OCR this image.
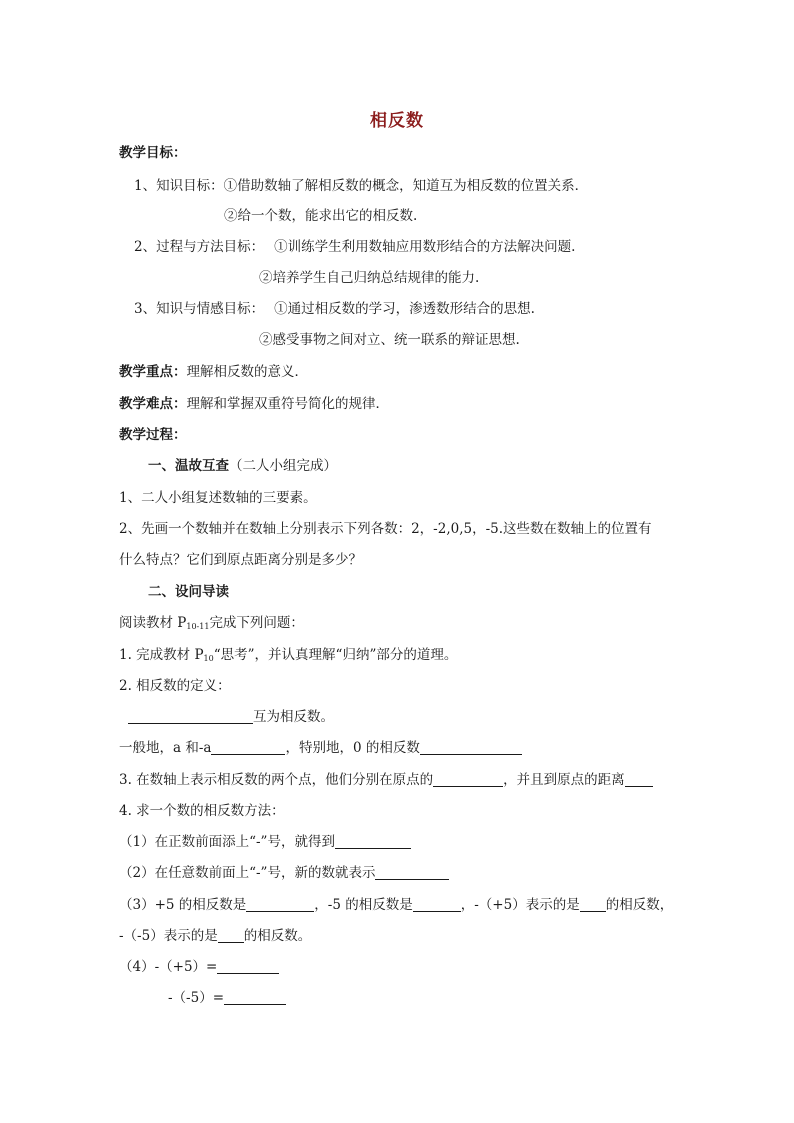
相反数
教学目标：
1、知识目标：①借助数轴了解相反数的概念，知道互为相反数的位置关系．
②给一个数，能求出它的相反数.
2、过程与方法目标： ①训练学生利用数轴应用数形结合的方法解决问题.
②培养学生自己归纳总结规律的能力.
3、知识与情感目标： ①通过相反数的学习，渗透数形结合的思想.
②感受事物之间对立、统一联系的辩证思想.
教学重点：理解相反数的意义．
教学难点：理解和掌握双重符号简化的规律．
教学过程：
一、温故互查（二人小组完成）
1、二人小组复述数轴的三要素。
2、先画一个数轴并在数轴上分别表示下列各数：2，-2,0,5，-5.这些数在数轴上的位置有
什么特点？它们到原点距离分别是多少？
二、设问导读
阅读教材 $P_{10-11}$完成下列问题：
1. 完成教材 $P_{10}“$思考”，并认真理解“归纳”部分的道理。
2. 相反数的定义：
互为相反数。
一般地，a 和-a	，特别地，0 的相反数
3. 在数轴上表示相反数的两个点，他们分别在原点的	，并且到原点的距离
4. 求一个数的相反数方法：
（1）在正数前面添上“-”号，就得到
（2）在任意数前面上“-”号，新的数就表示
（3）+5 的相反数是	，-5 的相反数是	，-（+5）表示的是 的相反数，
-（-5）表示的是 的相反数。
（4）-（+5）=
-（-5）=
